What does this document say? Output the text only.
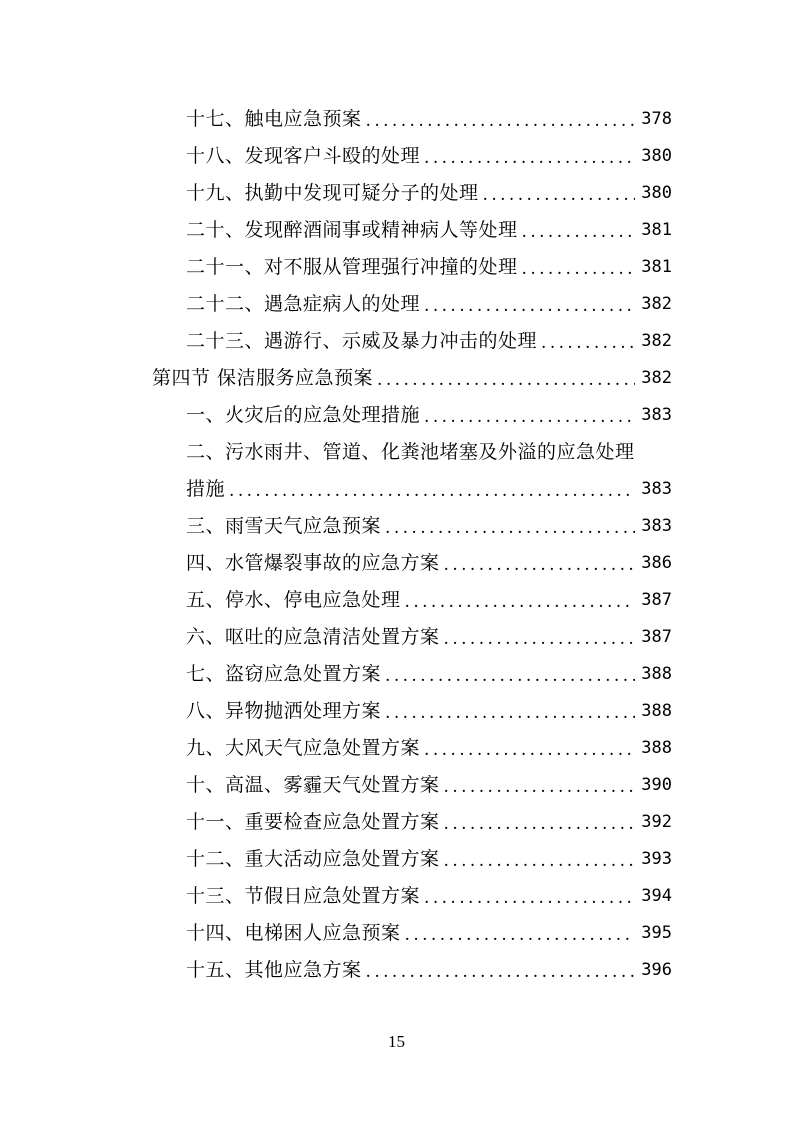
十七、触电应急预案 .....	378
十八、发现客户斗殴的处理 .....	380
十九、执勤中发现可疑分子的处理 .....	380
二十、发现醉酒闹事或精神病人等处理 .....	381
二十一、对不服从管理强行冲撞的处理 .....	381
二十二、遇急症病人的处理 .....	382
二十三、遇游行、示威及暴力冲击的处理 .....	382
第四节 保洁服务应急预案 .....	382
一、火灾后的应急处理措施 .....	383
二、污水雨井、管道、化粪池堵塞及外溢的应急处理
措施 .....	383
三、雨雪天气应急预案 .....	383
四、水管爆裂事故的应急方案 .....	386
五、停水、停电应急处理 .....	387
六、呕吐的应急清洁处置方案 .....	387
七、盗窃应急处置方案 .....	388
八、异物抛洒处理方案 .....	388
九、大风天气应急处置方案 .....	388
十、高温、雾霾天气处置方案 .....	390
十一、重要检查应急处置方案 .....	392
十二、重大活动应急处置方案 .....	393
十三、节假日应急处置方案 .....	394
十四、电梯困人应急预案 .....	395
十五、其他应急方案 .....	396
15
